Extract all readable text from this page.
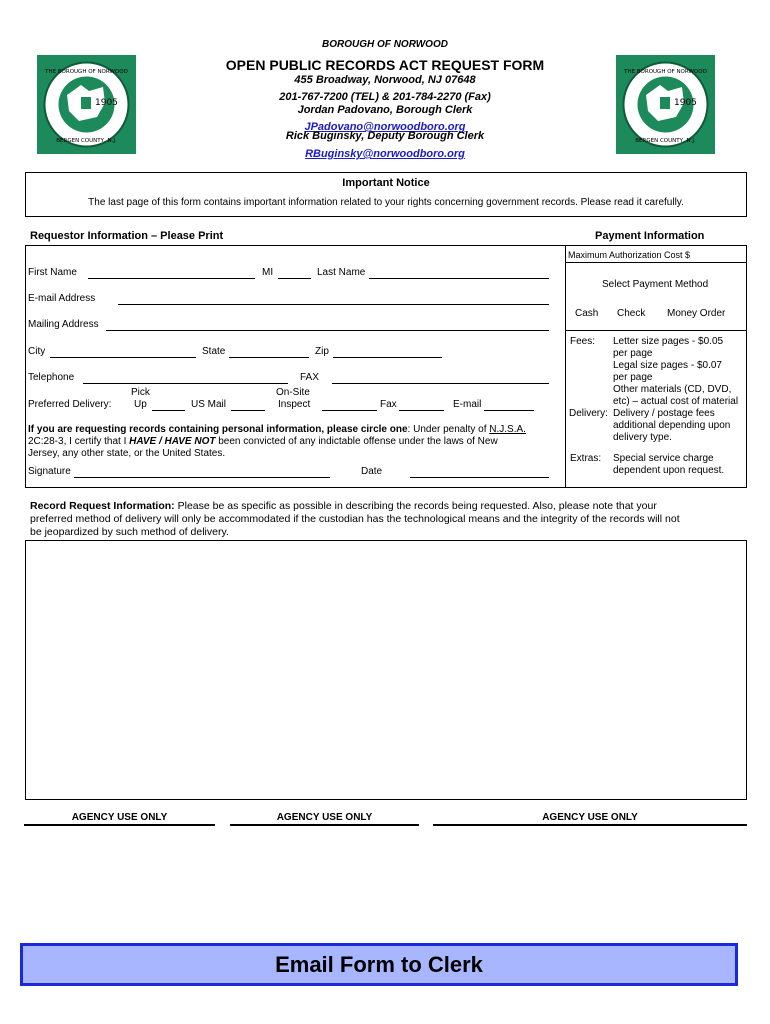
BOROUGH OF NORWOOD
OPEN PUBLIC RECORDS ACT REQUEST FORM
455 Broadway, Norwood, NJ 07648
201-767-7200 (TEL) & 201-784-2270 (Fax)
Jordan Padovano, Borough Clerk
JPadovano@norwoodboro.org
Rick Buginsky, Deputy Borough Clerk
RBuginsky@norwoodboro.org
1905
THE BOROUGH OF NORWOOD
BERGEN COUNTY, N.J.
1905
THE BOROUGH OF NORWOOD
BERGEN COUNTY, N.J.
Important Notice
The last page of this form contains important information related to your rights concerning government records. Please read it carefully.
Requestor Information – Please Print	Payment Information
First Name	MI	Last Name
E-mail Address
Mailing Address
City	State	Zip
Telephone	FAX
Preferred Delivery:
Pick
Up	US Mail
On-Site
Inspect	Fax	E-mail
If you are requesting records containing personal information, please circle one: Under penalty of N.J.S.A.
2C:28-3, I certify that I HAVE / HAVE NOT been convicted of any indictable offense under the laws of New
Jersey, any other state, or the United States.
Signature	Date
Maximum Authorization Cost $
Select Payment Method
Cash Check Money Order
Fees: Letter size pages - $0.05
per page
Legal size pages - $0.07
per page
Other materials (CD, DVD,
etc) – actual cost of material
Delivery: Delivery / postage fees
additional depending upon
delivery type.
Extras: Special service charge
dependent upon request.
Record Request Information: Please be as specific as possible in describing the records being requested. Also, please note that your
preferred method of delivery will only be accommodated if the custodian has the technological means and the integrity of the records will not
be jeopardized by such method of delivery.
AGENCY USE ONLY	AGENCY USE ONLY	AGENCY USE ONLY
Email Form to Clerk
